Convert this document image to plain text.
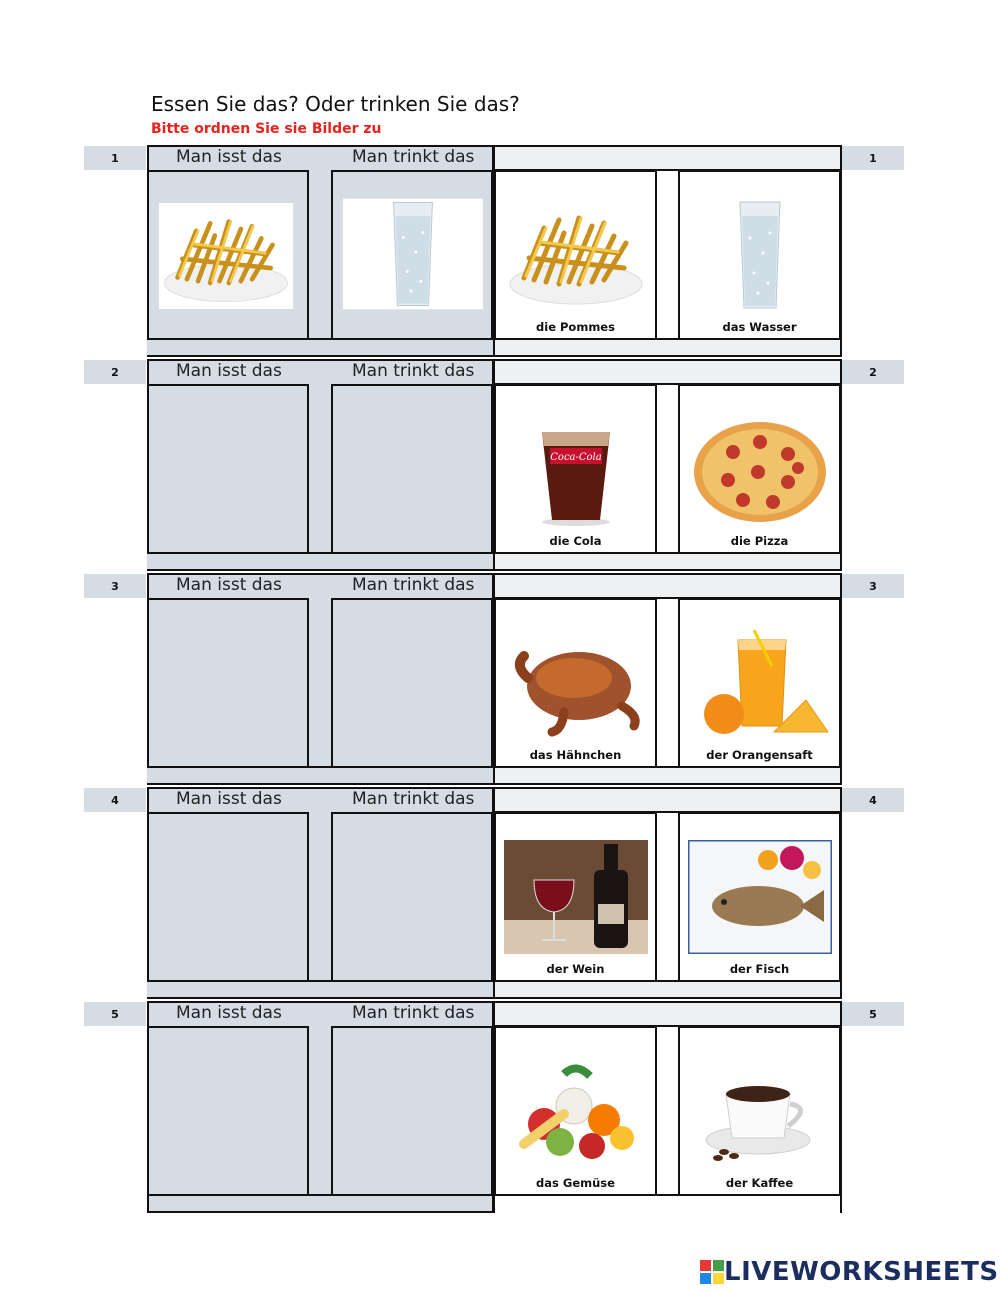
Essen Sie das? Oder trinken Sie das?
Bitte ordnen Sie sie Bilder zu
1	1
Man isst das	Man trinkt das
die Pommes	das Wasser
2	2
Man isst das	Man trinkt das
die Cola	die Pizza
3	3
Man isst das	Man trinkt das
das Hähnchen	der Orangensaft
4	4
Man isst das	Man trinkt das
der Wein	der Fisch
5	5
Man isst das	Man trinkt das
das Gemüse	der Kaffee
LIVEWORKSHEETS
